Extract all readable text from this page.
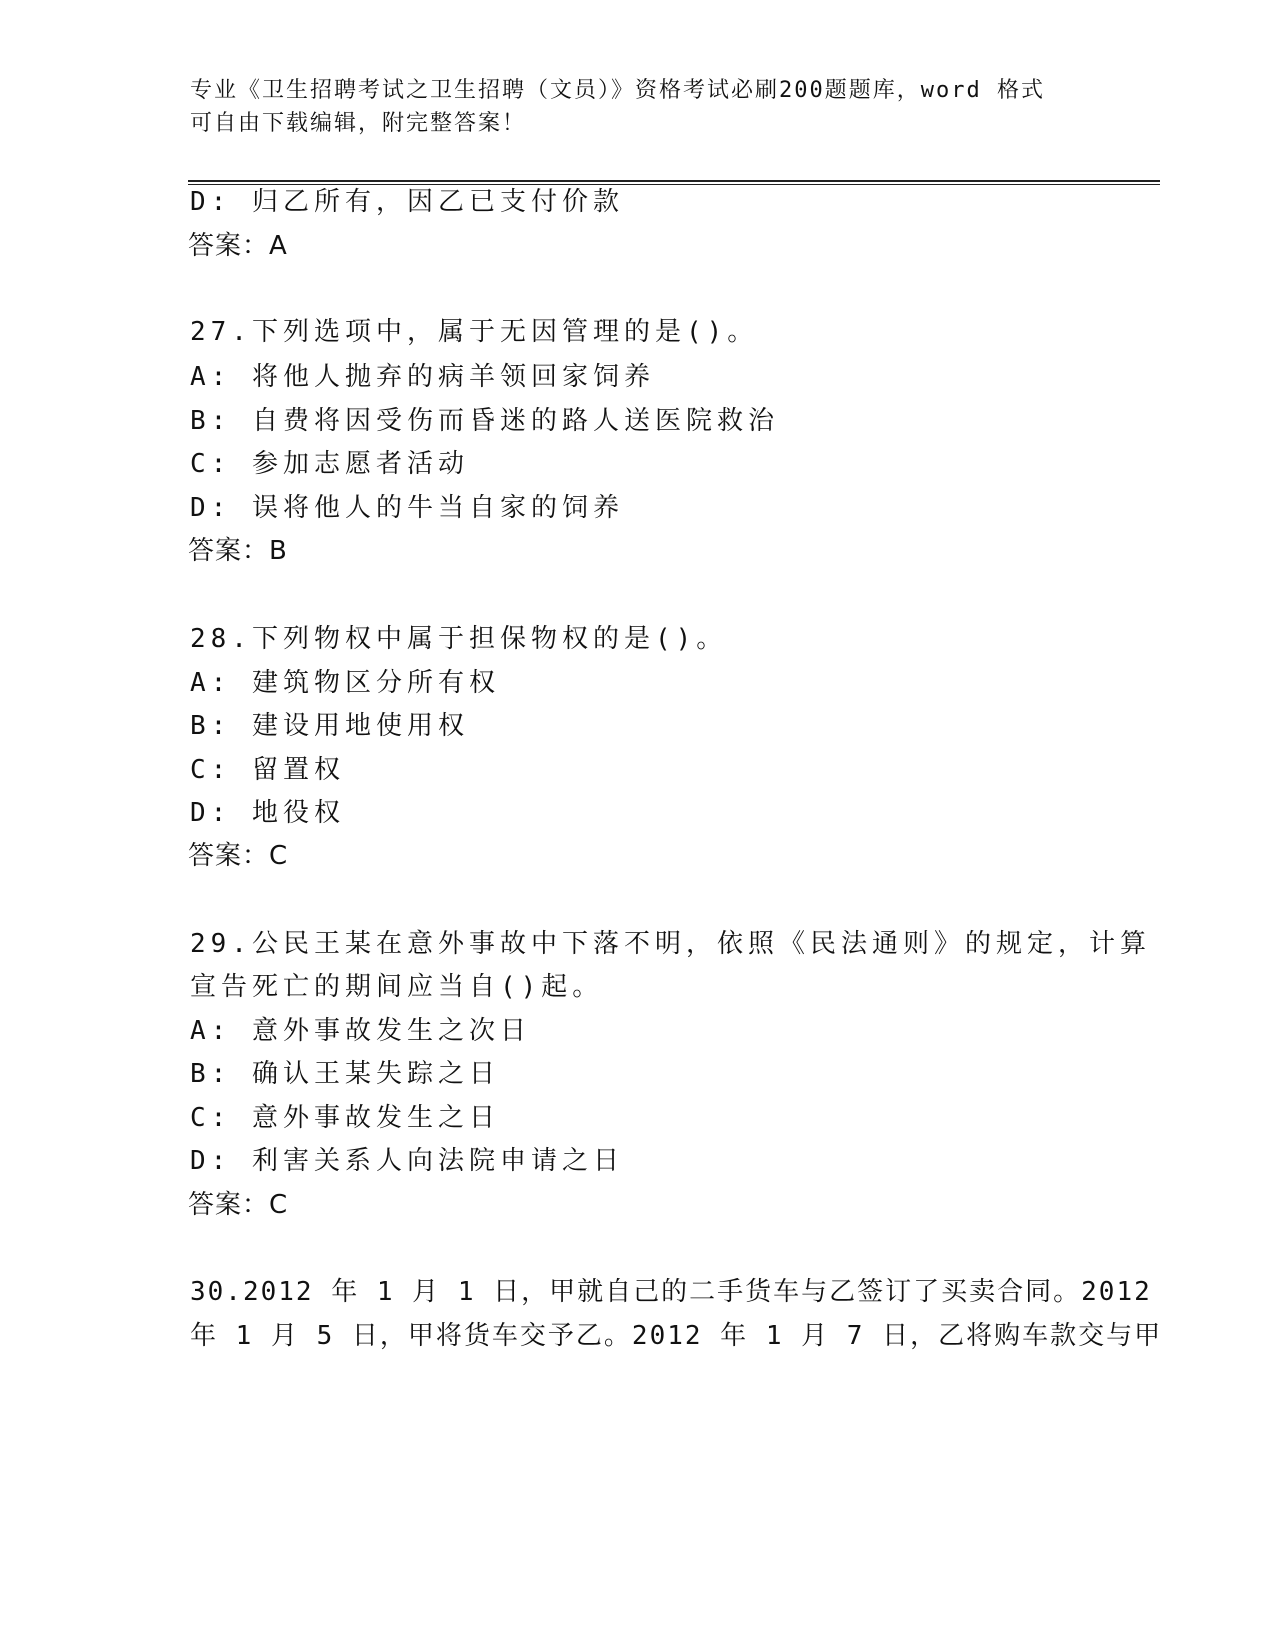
专业《卫生招聘考试之卫生招聘（文员）》资格考试必刷200题题库，word 格式
可自由下载编辑，附完整答案！
D: 归乙所有，因乙已支付价款
答案：A
27.下列选项中，属于无因管理的是()。
A: 将他人抛弃的病羊领回家饲养
B: 自费将因受伤而昏迷的路人送医院救治
C: 参加志愿者活动
D: 误将他人的牛当自家的饲养
答案：B
28.下列物权中属于担保物权的是()。
A: 建筑物区分所有权
B: 建设用地使用权
C: 留置权
D: 地役权
答案：C
29.公民王某在意外事故中下落不明，依照《民法通则》的规定，计算
宣告死亡的期间应当自()起。
A: 意外事故发生之次日
B: 确认王某失踪之日
C: 意外事故发生之日
D: 利害关系人向法院申请之日
答案：C
30.2012 年 1 月 1 日，甲就自己的二手货车与乙签订了买卖合同。2012
年 1 月 5 日，甲将货车交予乙。2012 年 1 月 7 日，乙将购车款交与甲
